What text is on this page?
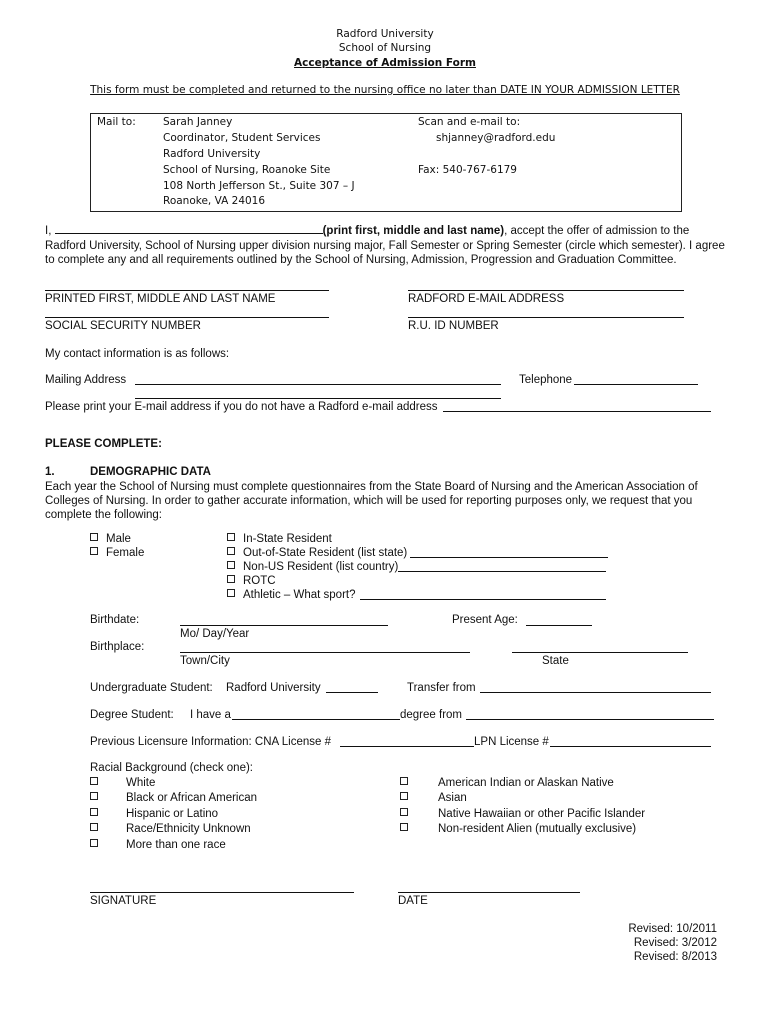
Radford University
School of Nursing
Acceptance of Admission Form
This form must be completed and returned to the nursing office no later than DATE IN YOUR ADMISSION LETTER
Mail to:	Sarah Janney
Coordinator, Student Services
Radford University
School of Nursing, Roanoke Site
108 North Jefferson St., Suite 307 – J
Roanoke, VA 24016
Scan and e-mail to:
shjanney@radford.edu
Fax: 540-767-6179
I,	(print first, middle and last name), accept the offer of admission to the Radford University, School of Nursing upper division nursing major, Fall Semester or Spring Semester (circle which semester). I agree to complete any and all requirements outlined by the School of Nursing, Admission, Progression and Graduation Committee.
PRINTED FIRST, MIDDLE AND LAST NAME	RADFORD E-MAIL ADDRESS
SOCIAL SECURITY NUMBER	R.U. ID NUMBER
My contact information is as follows:
Mailing Address	Telephone
Please print your E-mail address if you do not have a Radford e-mail address
PLEASE COMPLETE:
1.	DEMOGRAPHIC DATA
Each year the School of Nursing must complete questionnaires from the State Board of Nursing and the American Association of Colleges of Nursing. In order to gather accurate information, which will be used for reporting purposes only, we request that you complete the following:
Male
Female
In-State Resident
Out-of-State Resident (list state)
Non-US Resident (list country)
ROTC
Athletic – What sport?
Birthdate:
Mo/ Day/Year
Present Age:
Birthplace:
Town/City	State
Undergraduate Student: Radford University	Transfer from
Degree Student: I have a	degree from
Previous Licensure Information: CNA License #	LPN License #
Racial Background (check one):
White
Black or African American
Hispanic or Latino
Race/Ethnicity Unknown
More than one race
American Indian or Alaskan Native
Asian
Native Hawaiian or other Pacific Islander
Non-resident Alien (mutually exclusive)
SIGNATURE	DATE
Revised: 10/2011
Revised: 3/2012
Revised: 8/2013
